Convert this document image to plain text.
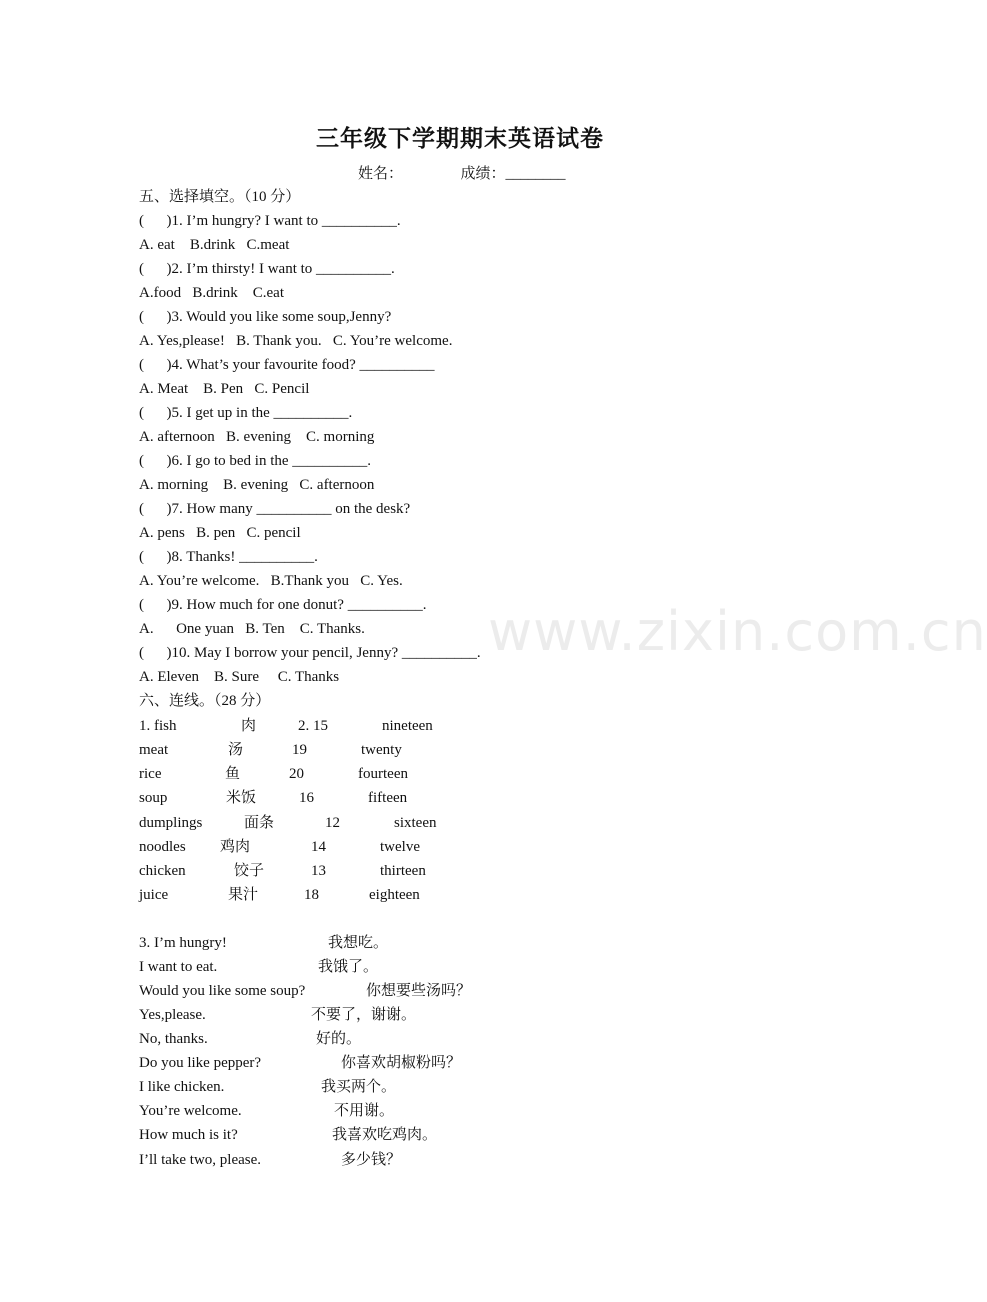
三年级下学期期末英语试卷
姓名：	成绩：________
五、选择填空。（10 分）
(      )1. I’m hungry? I want to __________.
A. eat    B.drink   C.meat
(      )2. I’m thirsty! I want to __________.
A.food   B.drink    C.eat
(      )3. Would you like some soup,Jenny?
A. Yes,please!   B. Thank you.   C. You’re welcome.
(      )4. What’s your favourite food? __________
A. Meat    B. Pen   C. Pencil
(      )5. I get up in the __________.
A. afternoon   B. evening    C. morning
(      )6. I go to bed in the __________.
A. morning    B. evening   C. afternoon
(      )7. How many __________ on the desk?
A. pens   B. pen   C. pencil
(      )8. Thanks! __________.
A. You’re welcome.   B.Thank you   C. Yes.
(      )9. How much for one donut? __________.
A.      One yuan   B. Ten    C. Thanks.
(      )10. May I borrow your pencil, Jenny? __________.
A. Eleven    B. Sure     C. Thanks
六、连线。（28 分）
1. fish	肉	2. 15	nineteen
meat	汤	19	twenty
rice	鱼	20	fourteen
soup	米饭	16	fifteen
dumplings	面条	12	sixteen
noodles 鸡肉	14	twelve
chicken	饺子	13	thirteen
juice	果汁	18	eighteen
3. I’m hungry!	我想吃。
I want to eat.	我饿了。
Would you like some soup?	你想要些汤吗？
Yes,please.	不要了，谢谢。
No, thanks.	好的。
Do you like pepper?	你喜欢胡椒粉吗？
I like chicken.	我买两个。
You’re welcome.	不用谢。
How much is it?	我喜欢吃鸡肉。
I’ll take two, please.	多少钱？
www.zixin.com.cn
